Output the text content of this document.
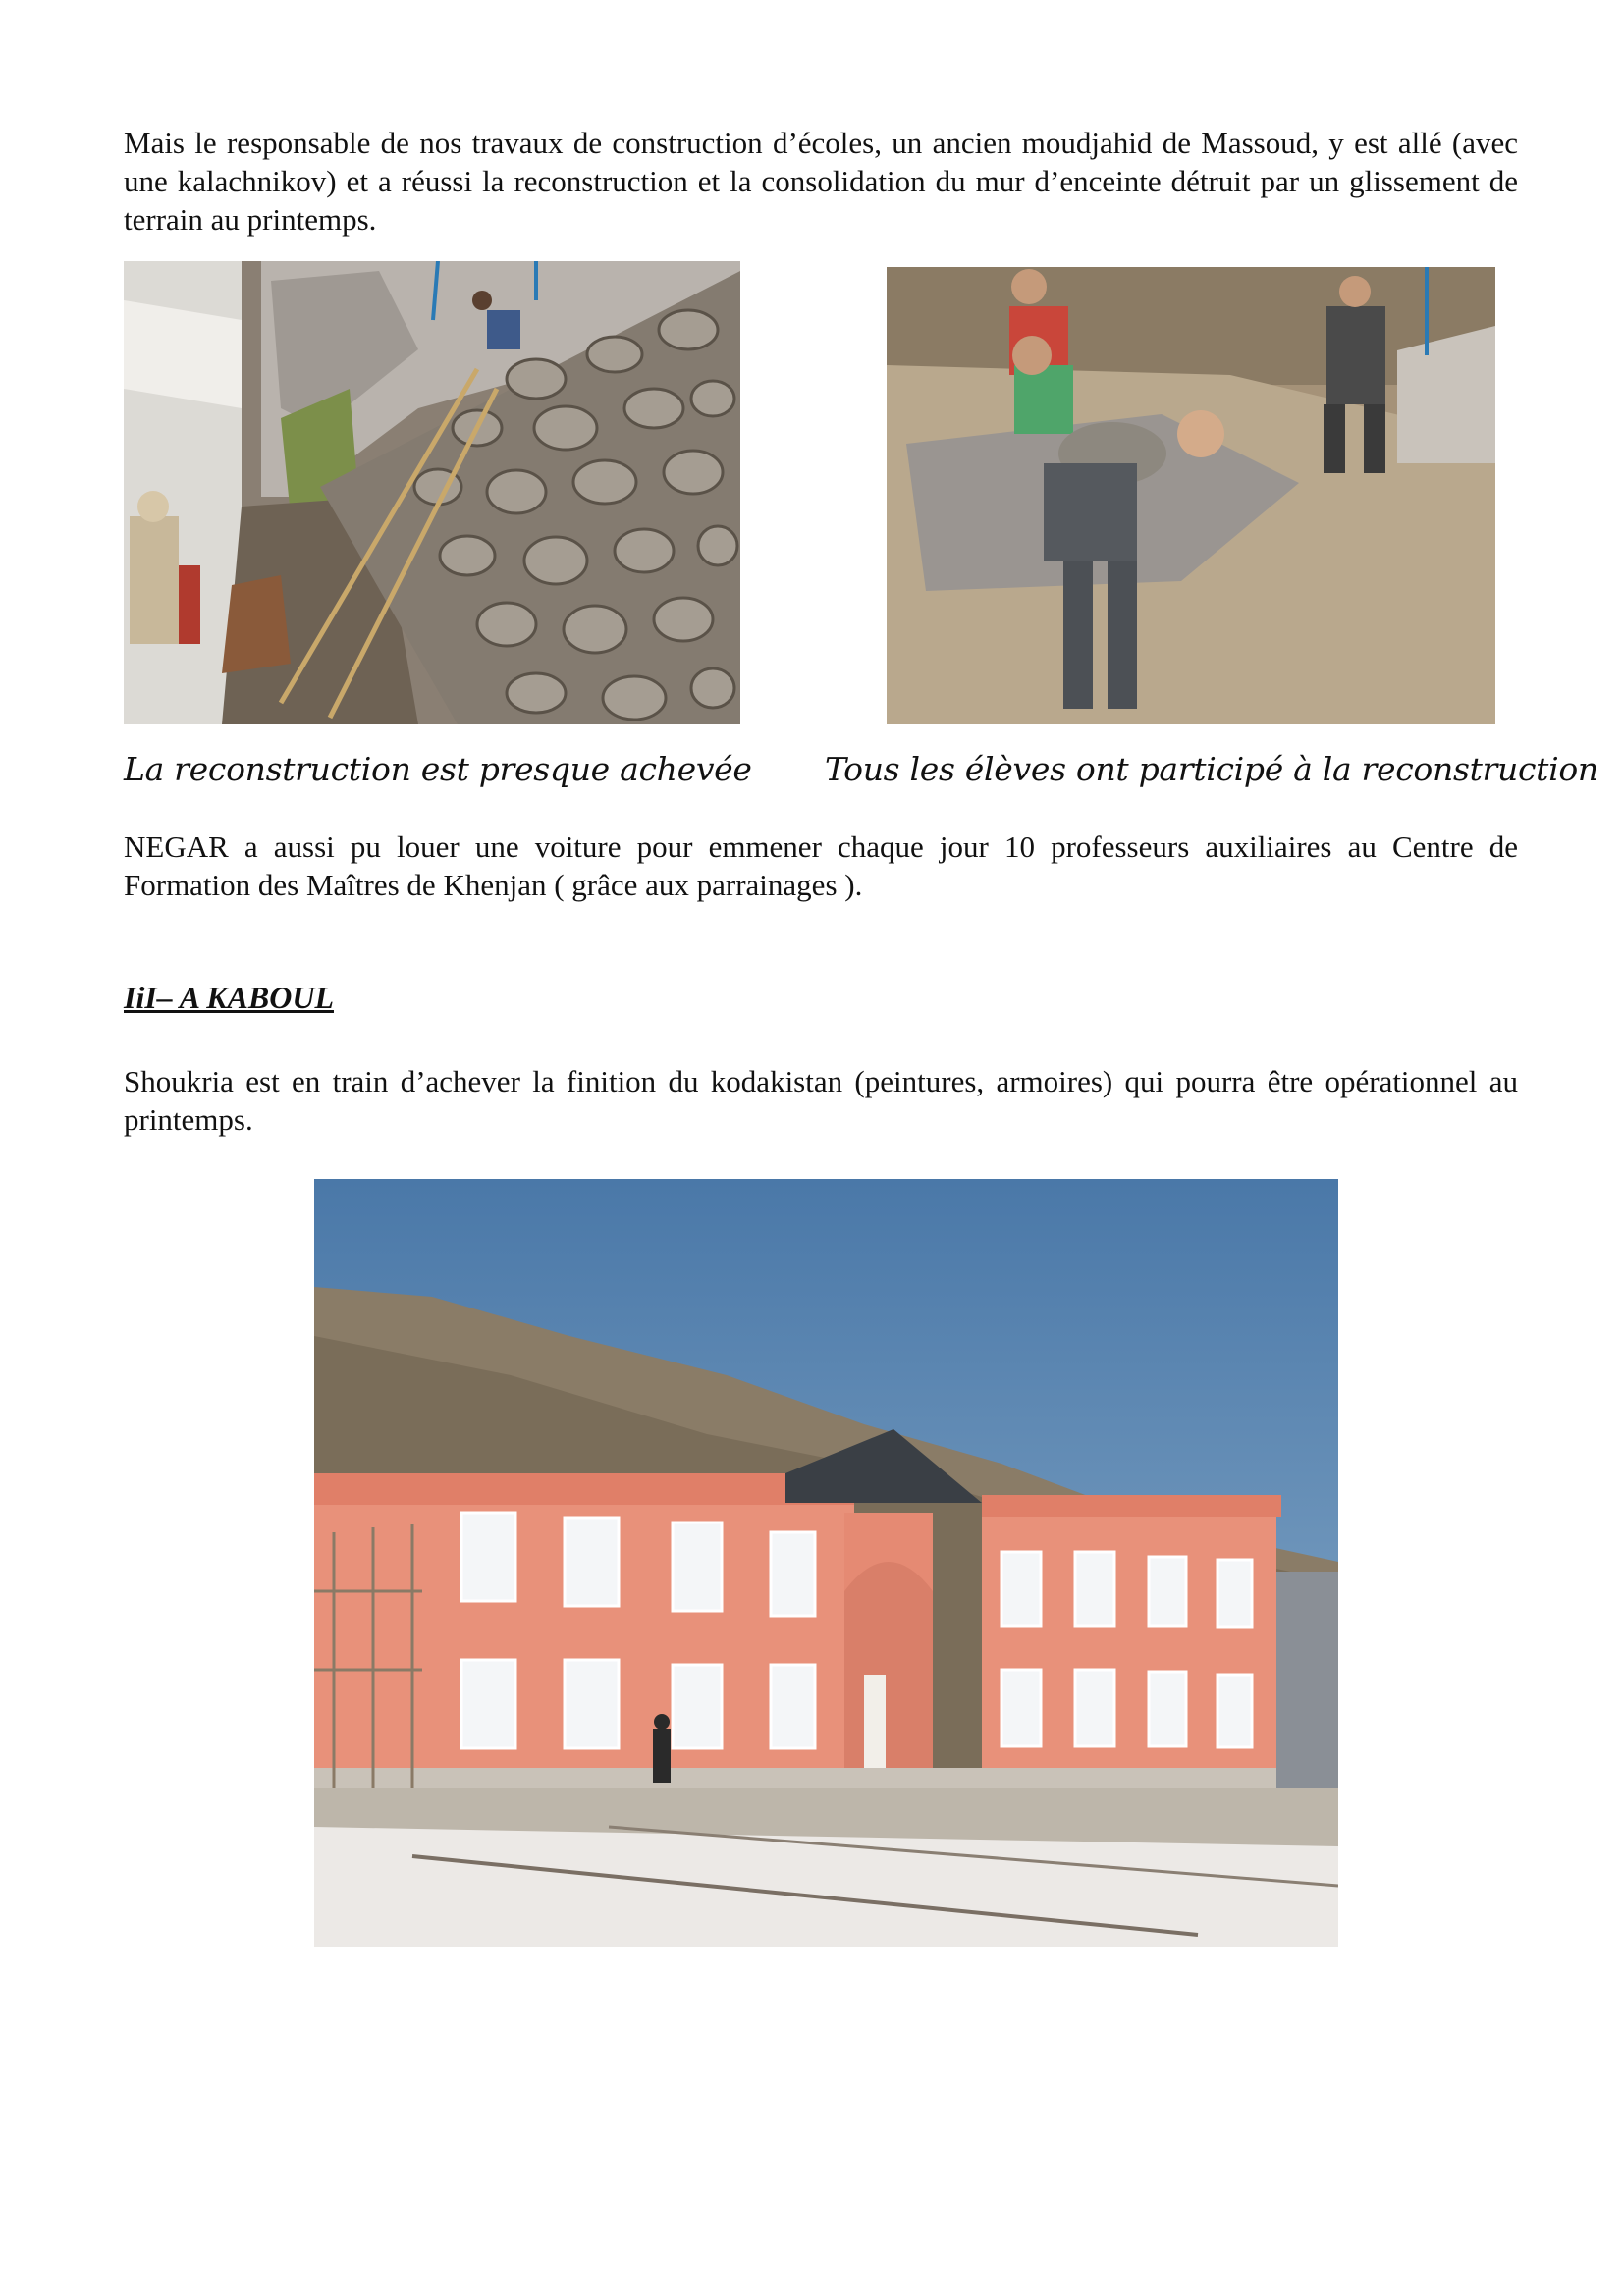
Mais le responsable de nos travaux de construction d’écoles, un ancien moudjahid de Massoud, y est allé (avec une kalachnikov) et a réussi la reconstruction et la consolidation du mur d’enceinte détruit par un glissement de terrain au printemps.

La reconstruction est presque achevée Tous les élèves ont participé à la reconstruction

NEGAR a aussi pu louer une voiture pour emmener chaque jour 10 professeurs auxiliaires au Centre de Formation des Maîtres de Khenjan ( grâce aux parrainages ).

IiI– A KABOUL

Shoukria est en train d’achever la finition du kodakistan (peintures, armoires) qui pourra être opérationnel au printemps.
